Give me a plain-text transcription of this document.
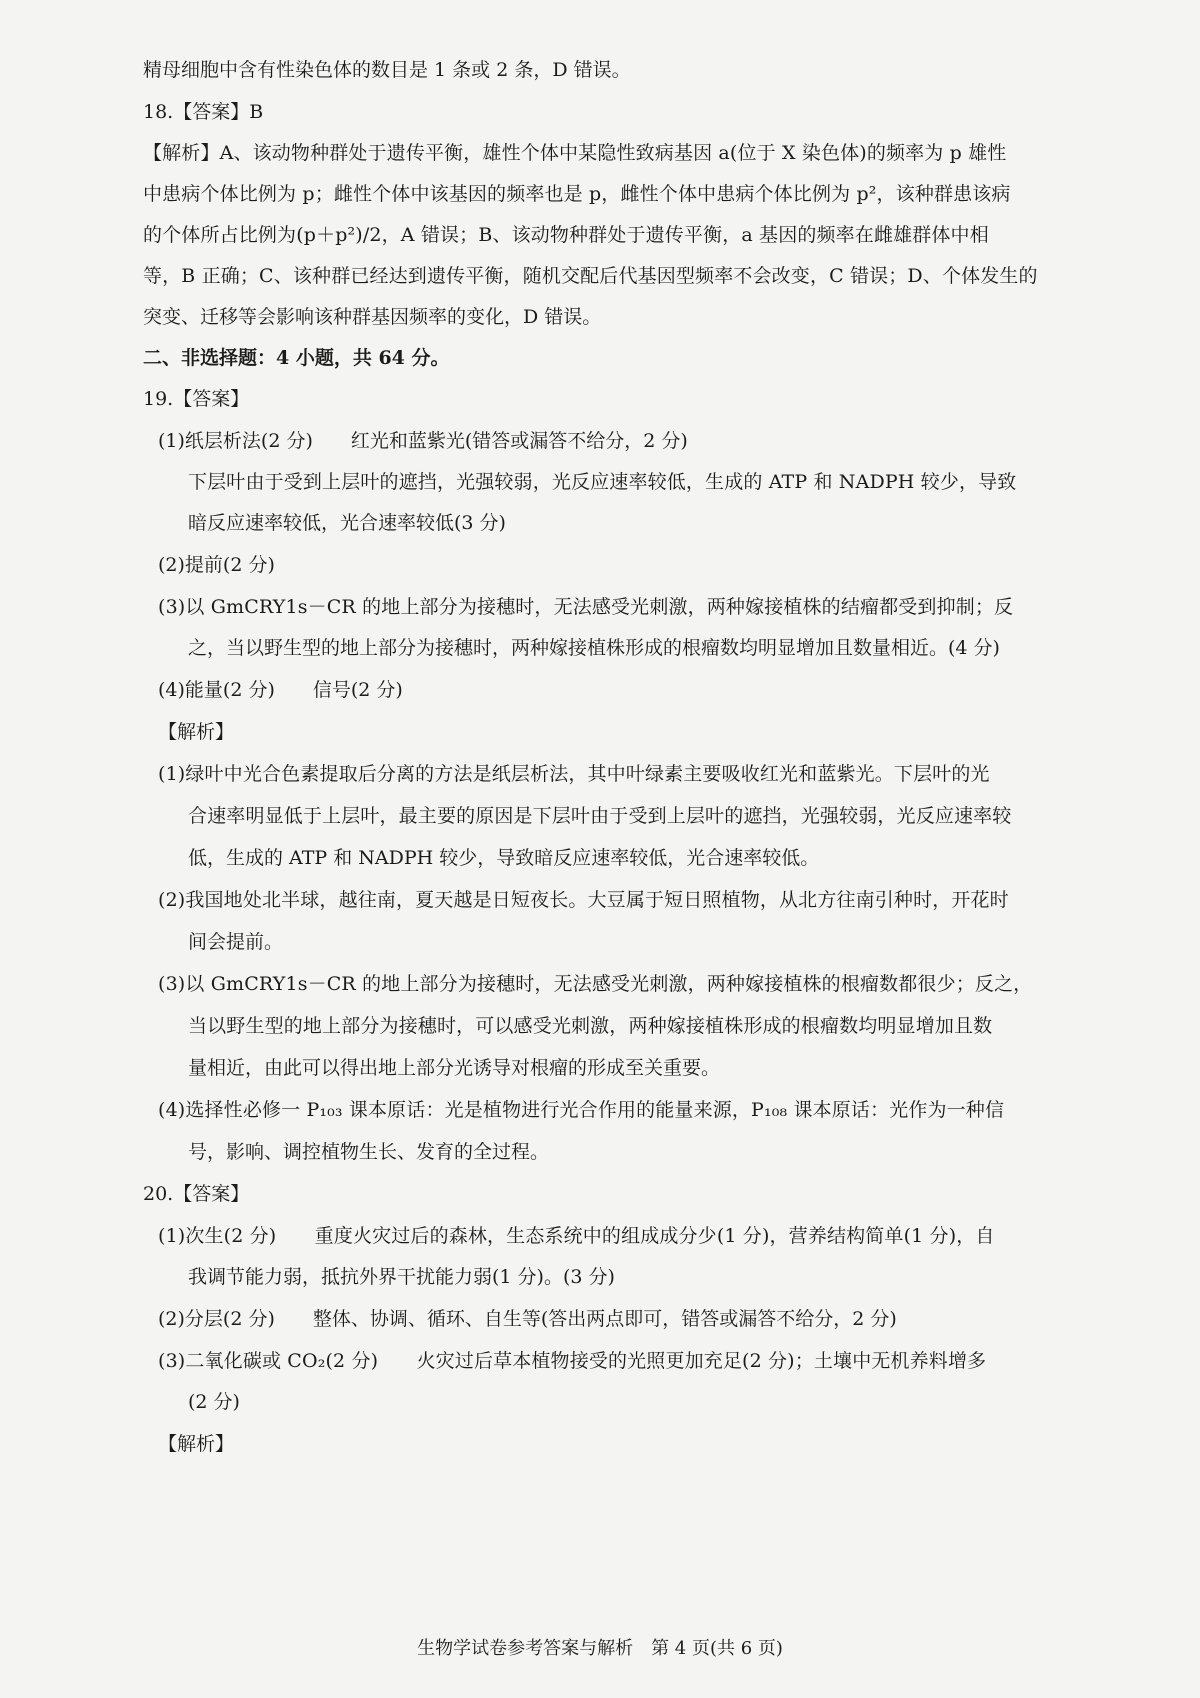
精母细胞中含有性染色体的数目是 1 条或 2 条，D 错误。
18.【答案】B
【解析】A、该动物种群处于遗传平衡，雄性个体中某隐性致病基因 a(位于 X 染色体)的频率为 p 雄性
中患病个体比例为 p；雌性个体中该基因的频率也是 p，雌性个体中患病个体比例为 p²，该种群患该病
的个体所占比例为(p＋p²)/2，A 错误；B、该动物种群处于遗传平衡，a 基因的频率在雌雄群体中相
等，B 正确；C、该种群已经达到遗传平衡，随机交配后代基因型频率不会改变，C 错误；D、个体发生的
突变、迁移等会影响该种群基因频率的变化，D 错误。
二、非选择题：4 小题，共 64 分。
19.【答案】
(1)纸层析法(2 分)　　红光和蓝紫光(错答或漏答不给分，2 分)
下层叶由于受到上层叶的遮挡，光强较弱，光反应速率较低，生成的 ATP 和 NADPH 较少，导致
暗反应速率较低，光合速率较低(3 分)
(2)提前(2 分)
(3)以 GmCRY1s－CR 的地上部分为接穗时，无法感受光刺激，两种嫁接植株的结瘤都受到抑制；反
之，当以野生型的地上部分为接穗时，两种嫁接植株形成的根瘤数均明显增加且数量相近。(4 分)
(4)能量(2 分)　　信号(2 分)
【解析】
(1)绿叶中光合色素提取后分离的方法是纸层析法，其中叶绿素主要吸收红光和蓝紫光。下层叶的光
合速率明显低于上层叶，最主要的原因是下层叶由于受到上层叶的遮挡，光强较弱，光反应速率较
低，生成的 ATP 和 NADPH 较少，导致暗反应速率较低，光合速率较低。
(2)我国地处北半球，越往南，夏天越是日短夜长。大豆属于短日照植物，从北方往南引种时，开花时
间会提前。
(3)以 GmCRY1s－CR 的地上部分为接穗时，无法感受光刺激，两种嫁接植株的根瘤数都很少；反之，
当以野生型的地上部分为接穗时，可以感受光刺激，两种嫁接植株形成的根瘤数均明显增加且数
量相近，由此可以得出地上部分光诱导对根瘤的形成至关重要。
(4)选择性必修一 P₁₀₃ 课本原话：光是植物进行光合作用的能量来源，P₁₀₈ 课本原话：光作为一种信
号，影响、调控植物生长、发育的全过程。
20.【答案】
(1)次生(2 分)　　重度火灾过后的森林，生态系统中的组成成分少(1 分)，营养结构简单(1 分)，自
我调节能力弱，抵抗外界干扰能力弱(1 分)。(3 分)
(2)分层(2 分)　　整体、协调、循环、自生等(答出两点即可，错答或漏答不给分，2 分)
(3)二氧化碳或 CO₂(2 分)　　火灾过后草本植物接受的光照更加充足(2 分)；土壤中无机养料增多
(2 分)
【解析】
生物学试卷参考答案与解析　第 4 页(共 6 页)
